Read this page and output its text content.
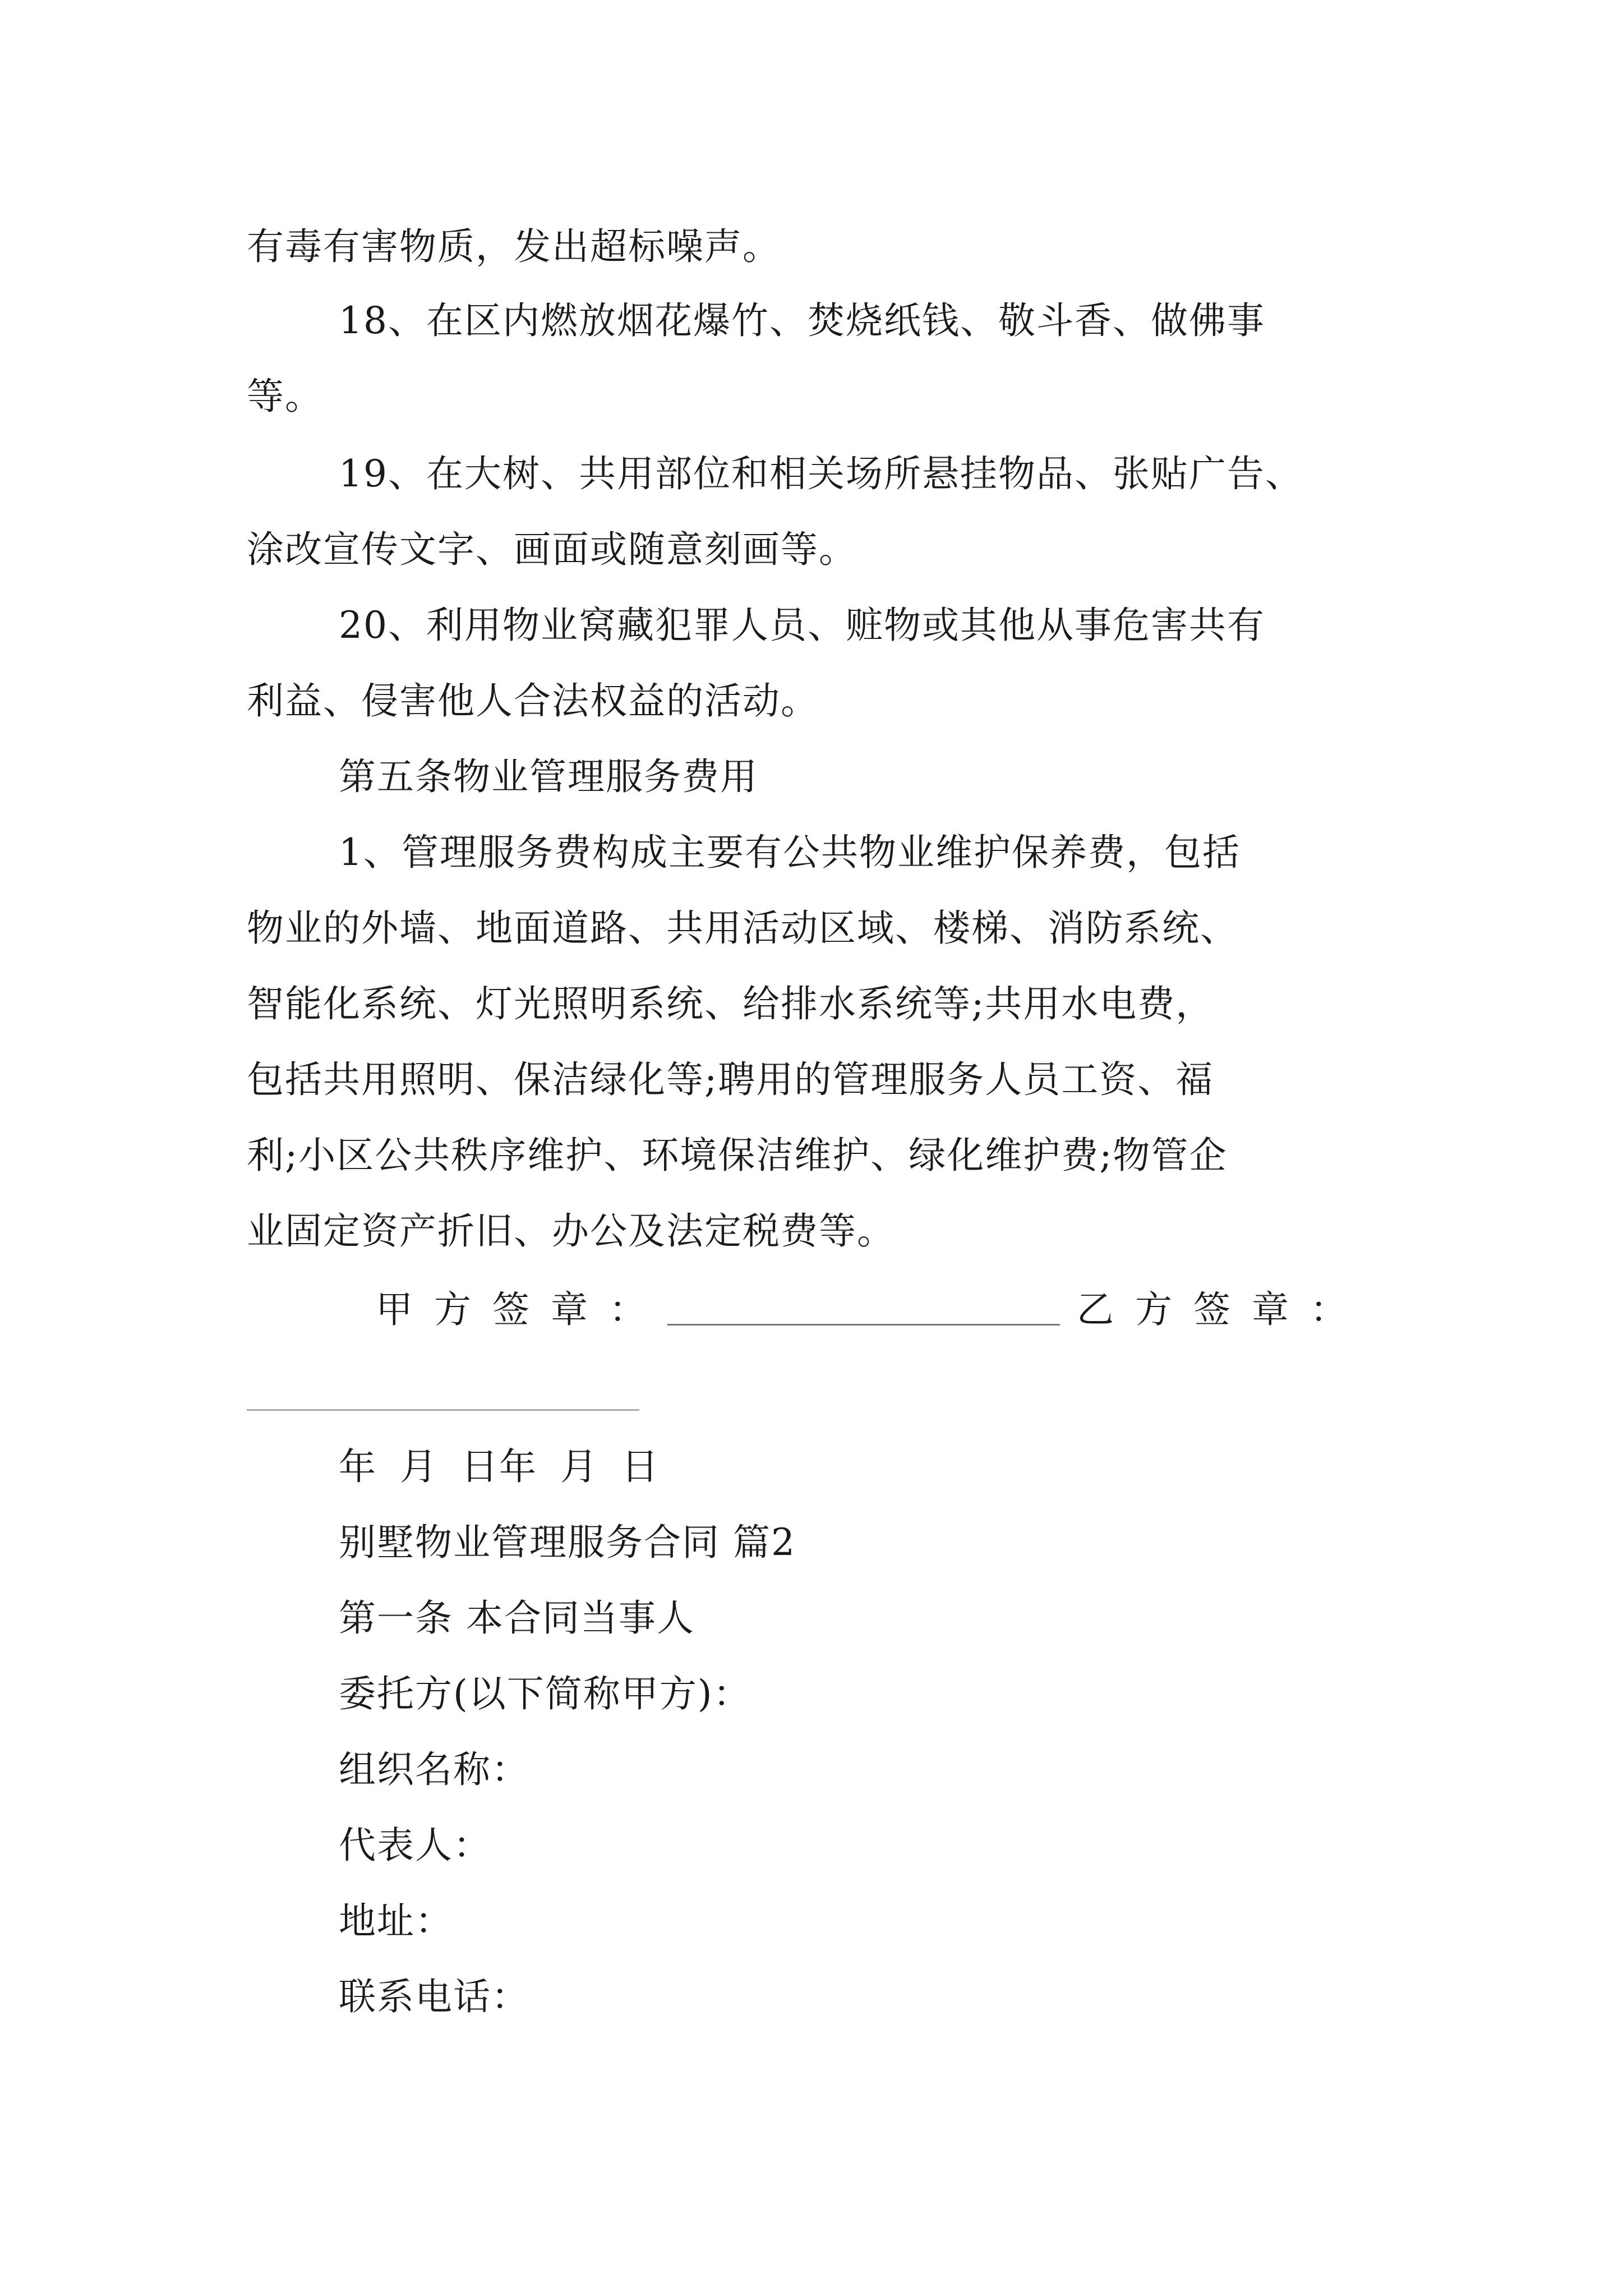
有毒有害物质，发出超标噪声。
18、在区内燃放烟花爆竹、焚烧纸钱、敬斗香、做佛事
等。
19、在大树、共用部位和相关场所悬挂物品、张贴广告、
涂改宣传文字、画面或随意刻画等。
20、利用物业窝藏犯罪人员、赃物或其他从事危害共有
利益、侵害他人合法权益的活动。
第五条物业管理服务费用
1、管理服务费构成主要有公共物业维护保养费，包括
物业的外墙、地面道路、共用活动区域、楼梯、消防系统、
智能化系统、灯光照明系统、给排水系统等;共用水电费，
包括共用照明、保洁绿化等;聘用的管理服务人员工资、福
利;小区公共秩序维护、环境保洁维护、绿化维护费;物管企
业固定资产折旧、办公及法定税费等。
甲方签章：	乙方签章：
年 月 日年 月 日
别墅物业管理服务合同 篇2
第一条 本合同当事人
委托方(以下简称甲方)：
组织名称：
代表人：
地址：
联系电话：
